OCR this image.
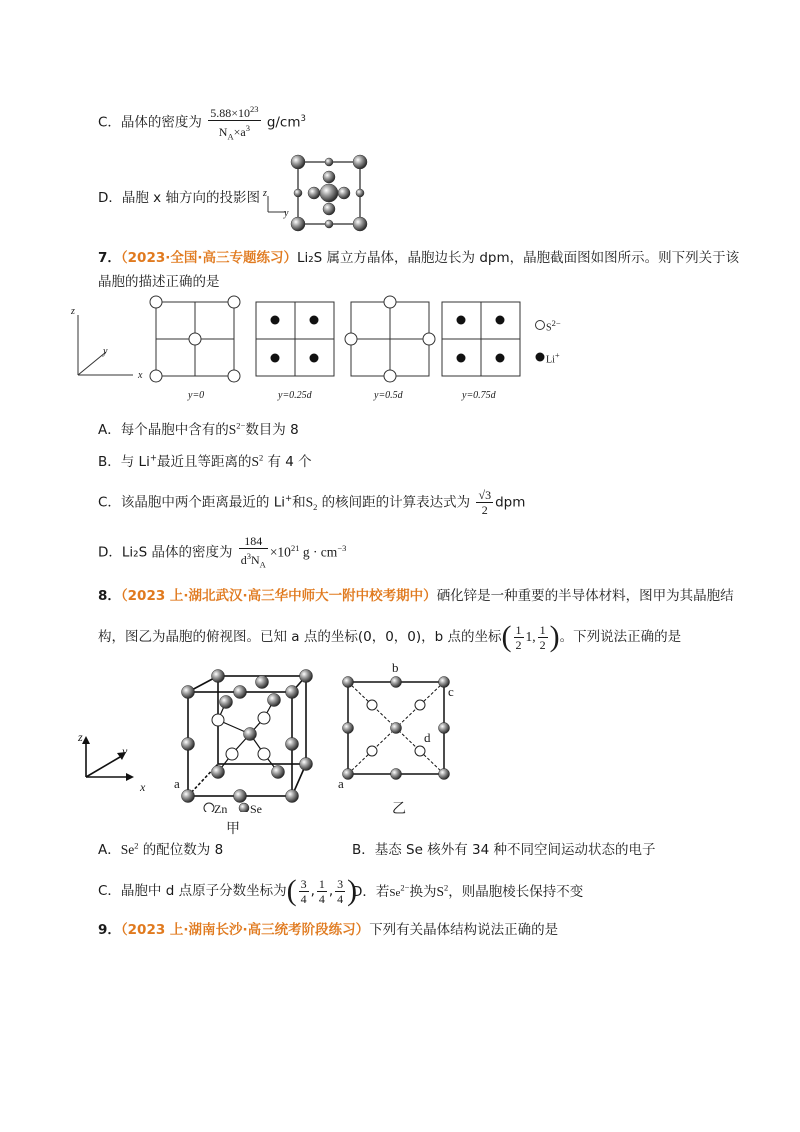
C．晶体的密度为 $\frac{5.88\times 10^{23}}{N_A\times a^3} g/cm^3$
D．晶胞 x 轴方向的投影图 z
y
7．（2023·全国·高三专题练习）Li₂S 属立方晶体，晶胞边长为 dpm，晶胞截面图如图所示。则下列关于该
晶胞的描述正确的是
z
y
x
y=0	y=0.25d	y=0.5d	y=0.75d
$S^{2-}$
Li+
A．每个晶胞中含有的$S^{2-}$数目为 8
B．与 Li+最近且等距离的$S^2$ 有 4 个
C．该晶胞中两个距离最近的 Li+和$S_2$ 的核间距的计算表达式为 $\frac{√3}{2}$ dpm
D．Li₂S 晶体的密度为 $\frac{184}{d^3N_A} \times 10^{21}$ $g \cdot cm^{-3}$
8．（2023 上·湖北武汉·高三华中师大一附中校考期中）硒化锌是一种重要的半导体材料，图甲为其晶胞结
构，图乙为晶胞的俯视图。已知 a 点的坐标(0，0，0)，b 点的坐标( $\frac{1}{2} 1$, $\frac{1}{2}$ )。下列说法正确的是
z
y
x a
Zn Se
甲
b
c
d
a
乙
A．Se$^2$ 的配位数为 8	B．基态 Se 核外有 34 种不同空间运动状态的电子
C．晶胞中 d 点原子分数坐标为( $\frac{3}{4}$ , $\frac{1}{4}$ , $\frac{3}{4}$ )
D．若$Se^{2-}$换为$S^2$，则晶胞棱长保持不变
9．（2023 上·湖南长沙·高三统考阶段练习）下列有关晶体结构说法正确的是
